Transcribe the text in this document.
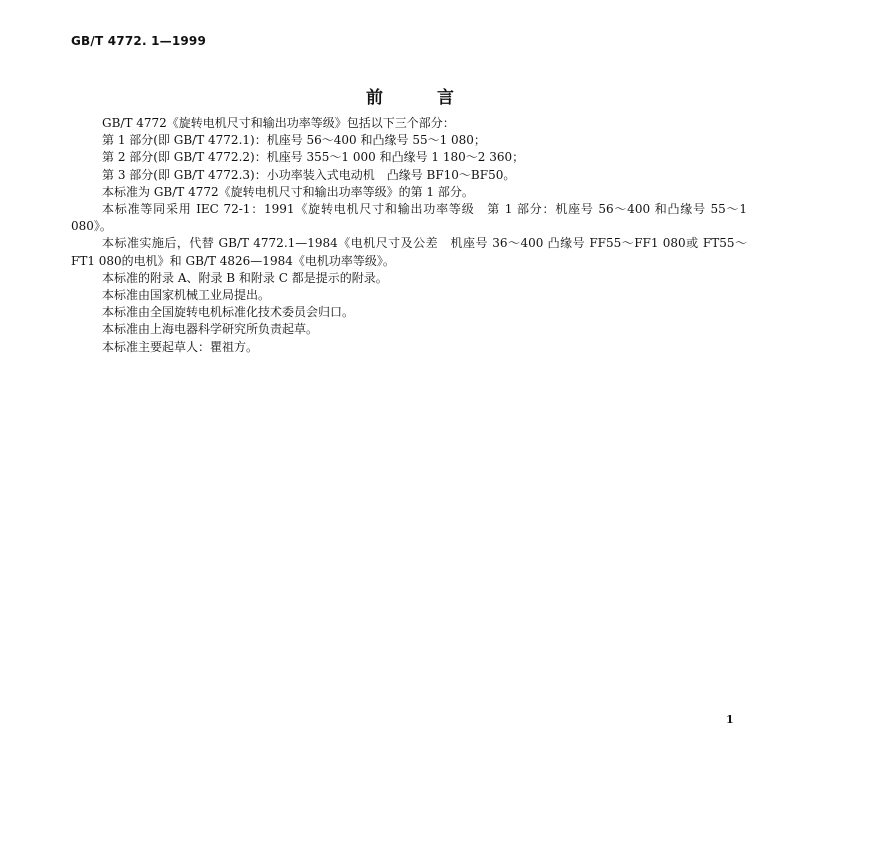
GB/T 4772. 1—1999
前言

GB/T 4772《旋转电机尺寸和输出功率等级》包括以下三个部分：

第 1 部分(即 GB/T 4772.1)：机座号 56～400 和凸缘号 55～1 080；

第 2 部分(即 GB/T 4772.2)：机座号 355～1 000 和凸缘号 1 180～2 360；

第 3 部分(即 GB/T 4772.3)：小功率装入式电动机　凸缘号 BF10～BF50。

本标准为 GB/T 4772《旋转电机尺寸和输出功率等级》的第 1 部分。

本标准等同采用 IEC 72-1：1991《旋转电机尺寸和输出功率等级　第 1 部分：机座号 56～400 和凸缘号 55～1 080》。

本标准实施后，代替 GB/T 4772.1—1984《电机尺寸及公差　机座号 36～400 凸缘号 FF55～FF1 080或 FT55～FT1 080的电机》和 GB/T 4826—1984《电机功率等级》。

本标准的附录 A、附录 B 和附录 C 都是提示的附录。

本标准由国家机械工业局提出。

本标准由全国旋转电机标准化技术委员会归口。

本标准由上海电器科学研究所负责起草。

本标准主要起草人：瞿祖方。

1
